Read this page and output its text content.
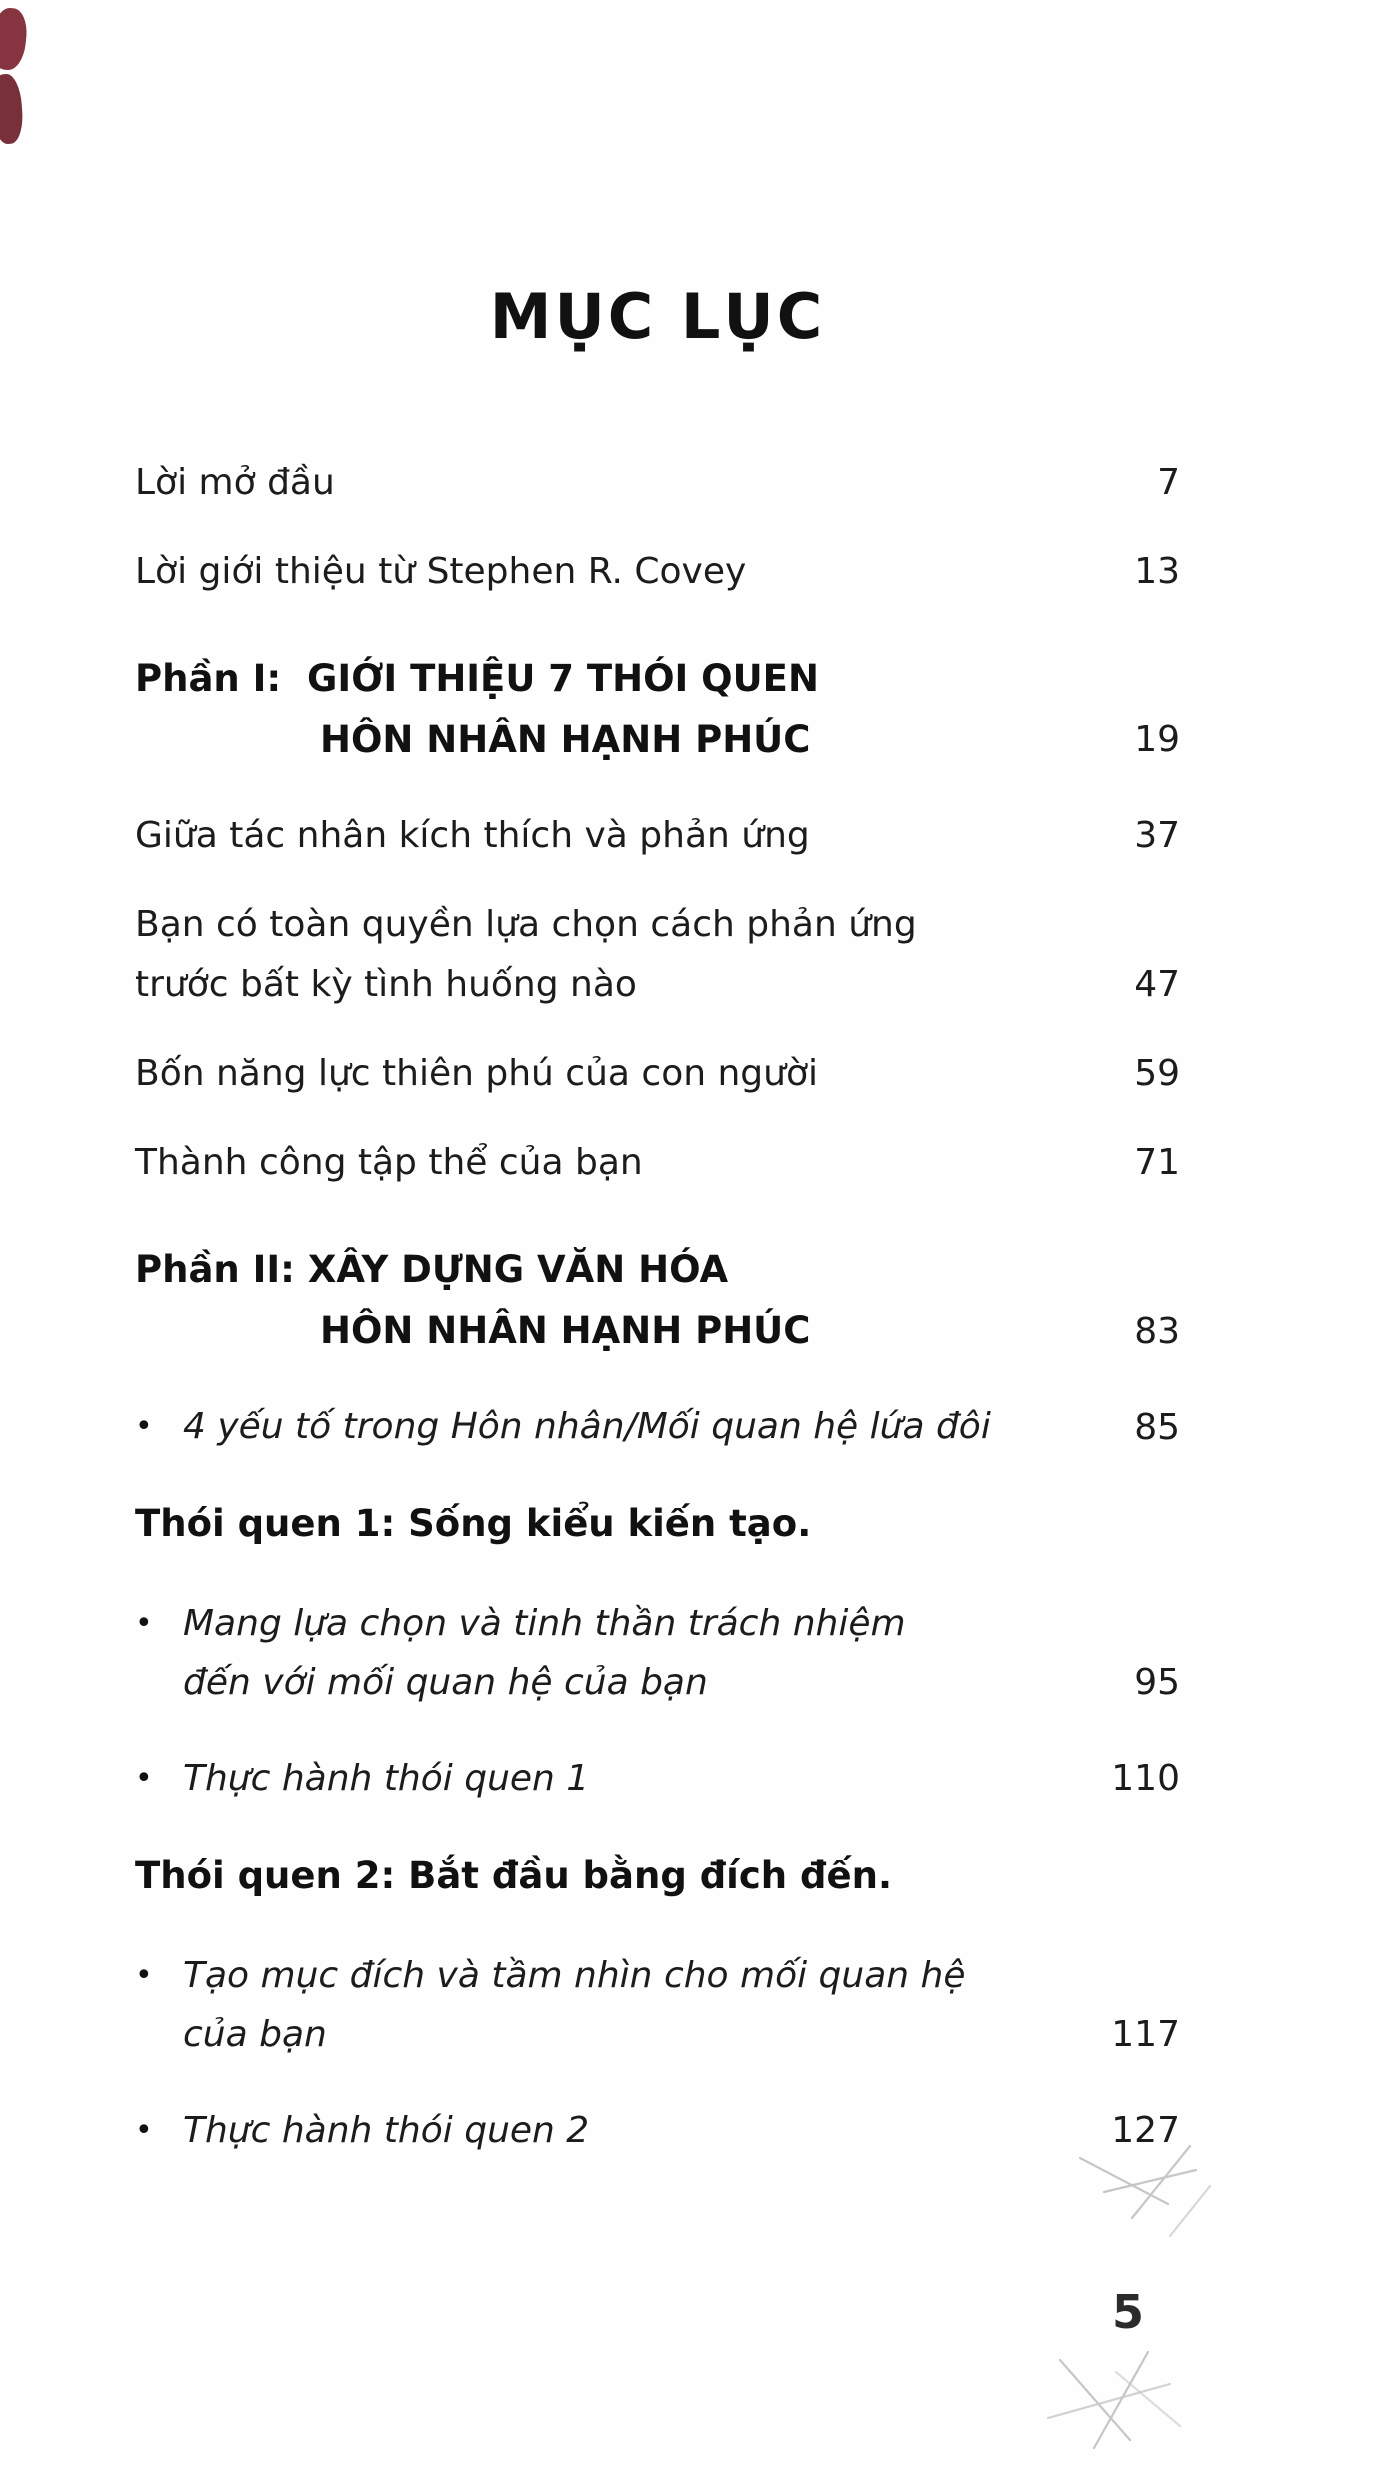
MỤC LỤC
Lời mở đầu	7
Lời giới thiệu từ Stephen R. Covey	13
Phần I:  GIỚI THIỆU 7 THÓI QUEN
HÔN NHÂN HẠNH PHÚC	19
Giữa tác nhân kích thích và phản ứng	37
Bạn có toàn quyền lựa chọn cách phản ứng
trước bất kỳ tình huống nào	47
Bốn năng lực thiên phú của con người	59
Thành công tập thể của bạn	71
Phần II: XÂY DỰNG VĂN HÓA
HÔN NHÂN HẠNH PHÚC	83
• 4 yếu tố trong Hôn nhân/Mối quan hệ lứa đôi	85
Thói quen 1: Sống kiểu kiến tạo.
• Mang lựa chọn và tinh thần trách nhiệm
đến với mối quan hệ của bạn	95
• Thực hành thói quen 1	110
Thói quen 2: Bắt đầu bằng đích đến.
• Tạo mục đích và tầm nhìn cho mối quan hệ
của bạn	117
• Thực hành thói quen 2	127
5
